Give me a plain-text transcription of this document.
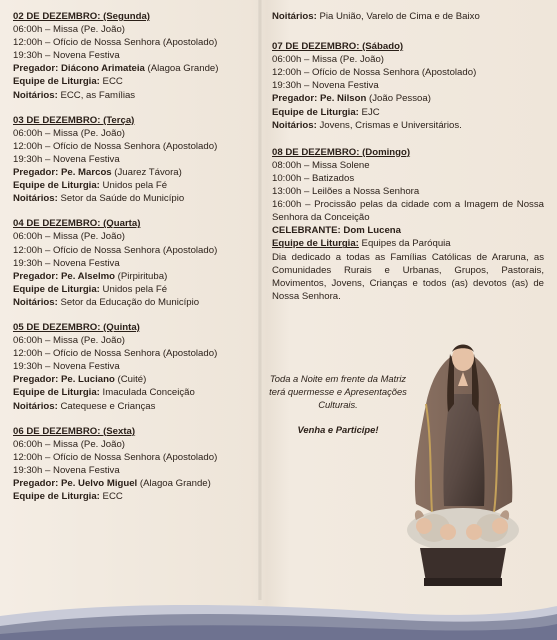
02 DE DEZEMBRO: (Segunda)
06:00h – Missa (Pe. João)
12:00h – Ofício de Nossa Senhora (Apostolado)
19:30h – Novena Festiva
Pregador: Diácono Arimateia (Alagoa Grande)
Equipe de Liturgia: ECC
Noitários: ECC, as Famílias
03 DE DEZEMBRO: (Terça)
06:00h – Missa (Pe. João)
12:00h – Ofício de Nossa Senhora (Apostolado)
19:30h – Novena Festiva
Pregador: Pe. Marcos (Juarez Távora)
Equipe de Liturgia: Unidos pela Fé
Noitários: Setor da Saúde do Município
04 DE DEZEMBRO: (Quarta)
06:00h – Missa (Pe. João)
12:00h – Ofício de Nossa Senhora (Apostolado)
19:30h – Novena Festiva
Pregador: Pe. Alselmo (Pirpirituba)
Equipe de Liturgia: Unidos pela Fé
Noitários: Setor da Educação do Município
05 DE DEZEMBRO: (Quinta)
06:00h – Missa (Pe. João)
12:00h – Ofício de Nossa Senhora (Apostolado)
19:30h – Novena Festiva
Pregador: Pe. Luciano (Cuité)
Equipe de Liturgia: Imaculada Conceição
Noitários: Catequese e Crianças
06 DE DEZEMBRO: (Sexta)
06:00h – Missa (Pe. João)
12:00h – Ofício de Nossa Senhora (Apostolado)
19:30h – Novena Festiva
Pregador: Pe. Uelvo Miguel (Alagoa Grande)
Equipe de Liturgia: ECC
Noitários: Pia União, Varelo de Cima e de Baixo
07 DE DEZEMBRO: (Sábado)
06:00h – Missa (Pe. João)
12:00h – Ofício de Nossa Senhora (Apostolado)
19:30h – Novena Festiva
Pregador: Pe. Nilson (João Pessoa)
Equipe de Liturgia: EJC
Noitários: Jovens, Crismas e Universitários.
08 DE DEZEMBRO: (Domingo)
08:00h – Missa Solene
10:00h – Batizados
13:00h – Leilões a Nossa Senhora
16:00h – Procissão pelas da cidade com a Imagem de Nossa Senhora da Conceição
CELEBRANTE: Dom Lucena
Equipe de Liturgia: Equipes da Paróquia
Dia dedicado a todas as Famílias Católicas de Araruna, as Comunidades Rurais e Urbanas, Grupos, Pastorais, Movimentos, Jovens, Crianças e todos (as) devotos (as) de Nossa Senhora.
Toda a Noite em frente da Matriz terá quermesse e Apresentações Culturais.
Venha e Participe!
